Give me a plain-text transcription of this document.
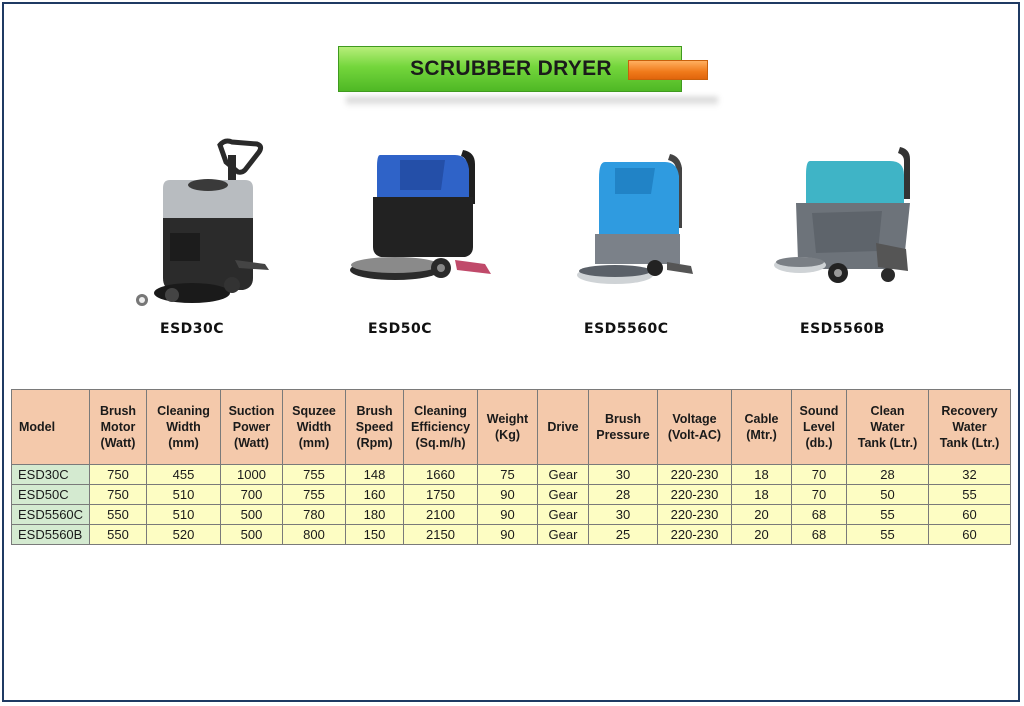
SCRUBBER DRYER
ESD30C	ESD50C	ESD5560C	ESD5560B
Model	Brush
Motor
(Watt)	Cleaning
Width
(mm)	Suction
Power
(Watt)	Squzee
Width
(mm)	Brush
Speed
(Rpm)	Cleaning
Efficiency
(Sq.m/h)	Weight
(Kg)	Drive	Brush
Pressure	Voltage
(Volt-AC)	Cable
(Mtr.)	Sound
Level
(db.)	Clean
Water
Tank (Ltr.)	Recovery
Water
Tank (Ltr.)
ESD30C	750	455	1000	755	148	1660	75	Gear	30	220-230	18	70	28	32
ESD50C	750	510	700	755	160	1750	90	Gear	28	220-230	18	70	50	55
ESD5560C	550	510	500	780	180	2100	90	Gear	30	220-230	20	68	55	60
ESD5560B	550	520	500	800	150	2150	90	Gear	25	220-230	20	68	55	60
